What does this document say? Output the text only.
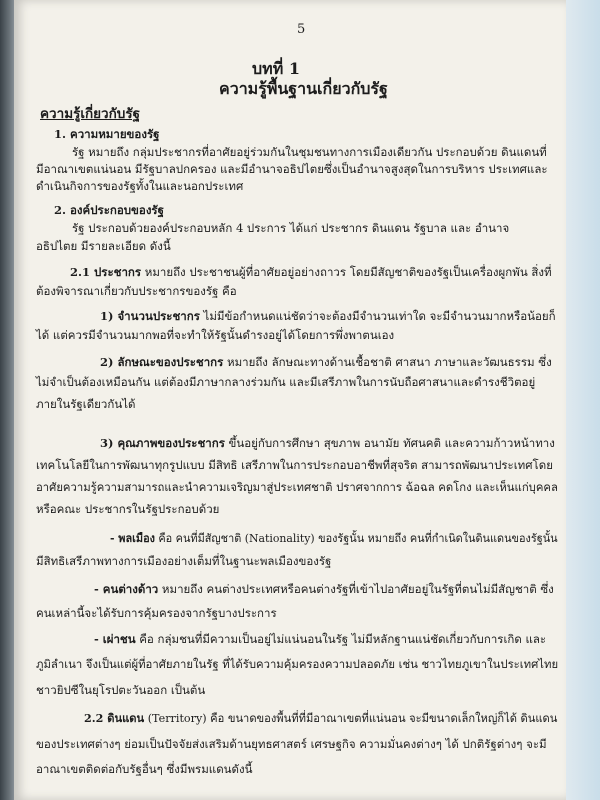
5
บทที่ 1
ความรู้พื้นฐานเกี่ยวกับรัฐ
ความรู้เกี่ยวกับรัฐ
1. ความหมายของรัฐ
รัฐ หมายถึง กลุ่มประชากรที่อาศัยอยู่ร่วมกันในชุมชนทางการเมืองเดียวกัน ประกอบด้วย ดินแดนที่
มีอาณาเขตแน่นอน มีรัฐบาลปกครอง และมีอำนาจอธิปไตยซึ่งเป็นอำนาจสูงสุดในการบริหาร ประเทศและ
ดำเนินกิจการของรัฐทั้งในและนอกประเทศ
2. องค์ประกอบของรัฐ
รัฐ ประกอบด้วยองค์ประกอบหลัก 4 ประการ ได้แก่ ประชากร ดินแดน รัฐบาล และ อำนาจ
อธิปไตย มีรายละเอียด ดังนี้
2.1 ประชากร หมายถึง ประชาชนผู้ที่อาศัยอยู่อย่างถาวร โดยมีสัญชาติของรัฐเป็นเครื่องผูกพัน สิ่งที่
ต้องพิจารณาเกี่ยวกับประชากรของรัฐ คือ
1) จำนวนประชากร ไม่มีข้อกำหนดแน่ชัดว่าจะต้องมีจำนวนเท่าใด จะมีจำนวนมากหรือน้อยก็
ได้ แต่ควรมีจำนวนมากพอที่จะทำให้รัฐนั้นดำรงอยู่ได้โดยการพึ่งพาตนเอง
2) ลักษณะของประชากร หมายถึง ลักษณะทางด้านเชื้อชาติ ศาสนา ภาษาและวัฒนธรรม ซึ่ง
ไม่จำเป็นต้องเหมือนกัน แต่ต้องมีภาษากลางร่วมกัน และมีเสรีภาพในการนับถือศาสนาและดำรงชีวิตอยู่
ภายในรัฐเดียวกันได้
3) คุณภาพของประชากร ขึ้นอยู่กับการศึกษา สุขภาพ อนามัย ทัศนคติ และความก้าวหน้าทาง
เทคโนโลยีในการพัฒนาทุกรูปแบบ มีสิทธิ เสรีภาพในการประกอบอาชีพที่สุจริต สามารถพัฒนาประเทศโดย
อาศัยความรู้ความสามารถและนำความเจริญมาสู่ประเทศชาติ ปราศจากการ ฉ้อฉล คดโกง และเห็นแก่บุคคล
หรือคณะ ประชากรในรัฐประกอบด้วย
- พลเมือง คือ คนที่มีสัญชาติ (Nationality) ของรัฐนั้น หมายถึง คนที่กำเนิดในดินแดนของรัฐนั้น
มีสิทธิเสรีภาพทางการเมืองอย่างเต็มที่ในฐานะพลเมืองของรัฐ
- คนต่างด้าว หมายถึง คนต่างประเทศหรือคนต่างรัฐที่เข้าไปอาศัยอยู่ในรัฐที่ตนไม่มีสัญชาติ ซึ่ง
คนเหล่านี้จะได้รับการคุ้มครองจากรัฐบางประการ
- เผ่าชน คือ กลุ่มชนที่มีความเป็นอยู่ไม่แน่นอนในรัฐ ไม่มีหลักฐานแน่ชัดเกี่ยวกับการเกิด และ
ภูมิลำเนา จึงเป็นแต่ผู้ที่อาศัยภายในรัฐ ที่ได้รับความคุ้มครองความปลอดภัย เช่น ชาวไทยภูเขาในประเทศไทย
ชาวยิปซีในยุโรปตะวันออก เป็นต้น
2.2 ดินแดน (Territory) คือ ขนาดของพื้นที่ที่มีอาณาเขตที่แน่นอน จะมีขนาดเล็กใหญ่ก็ได้ ดินแดน
ของประเทศต่างๆ ย่อมเป็นปัจจัยส่งเสริมด้านยุทธศาสตร์ เศรษฐกิจ ความมั่นคงต่างๆ ได้ ปกติรัฐต่างๆ จะมี
อาณาเขตติดต่อกับรัฐอื่นๆ ซึ่งมีพรมแดนดังนี้
